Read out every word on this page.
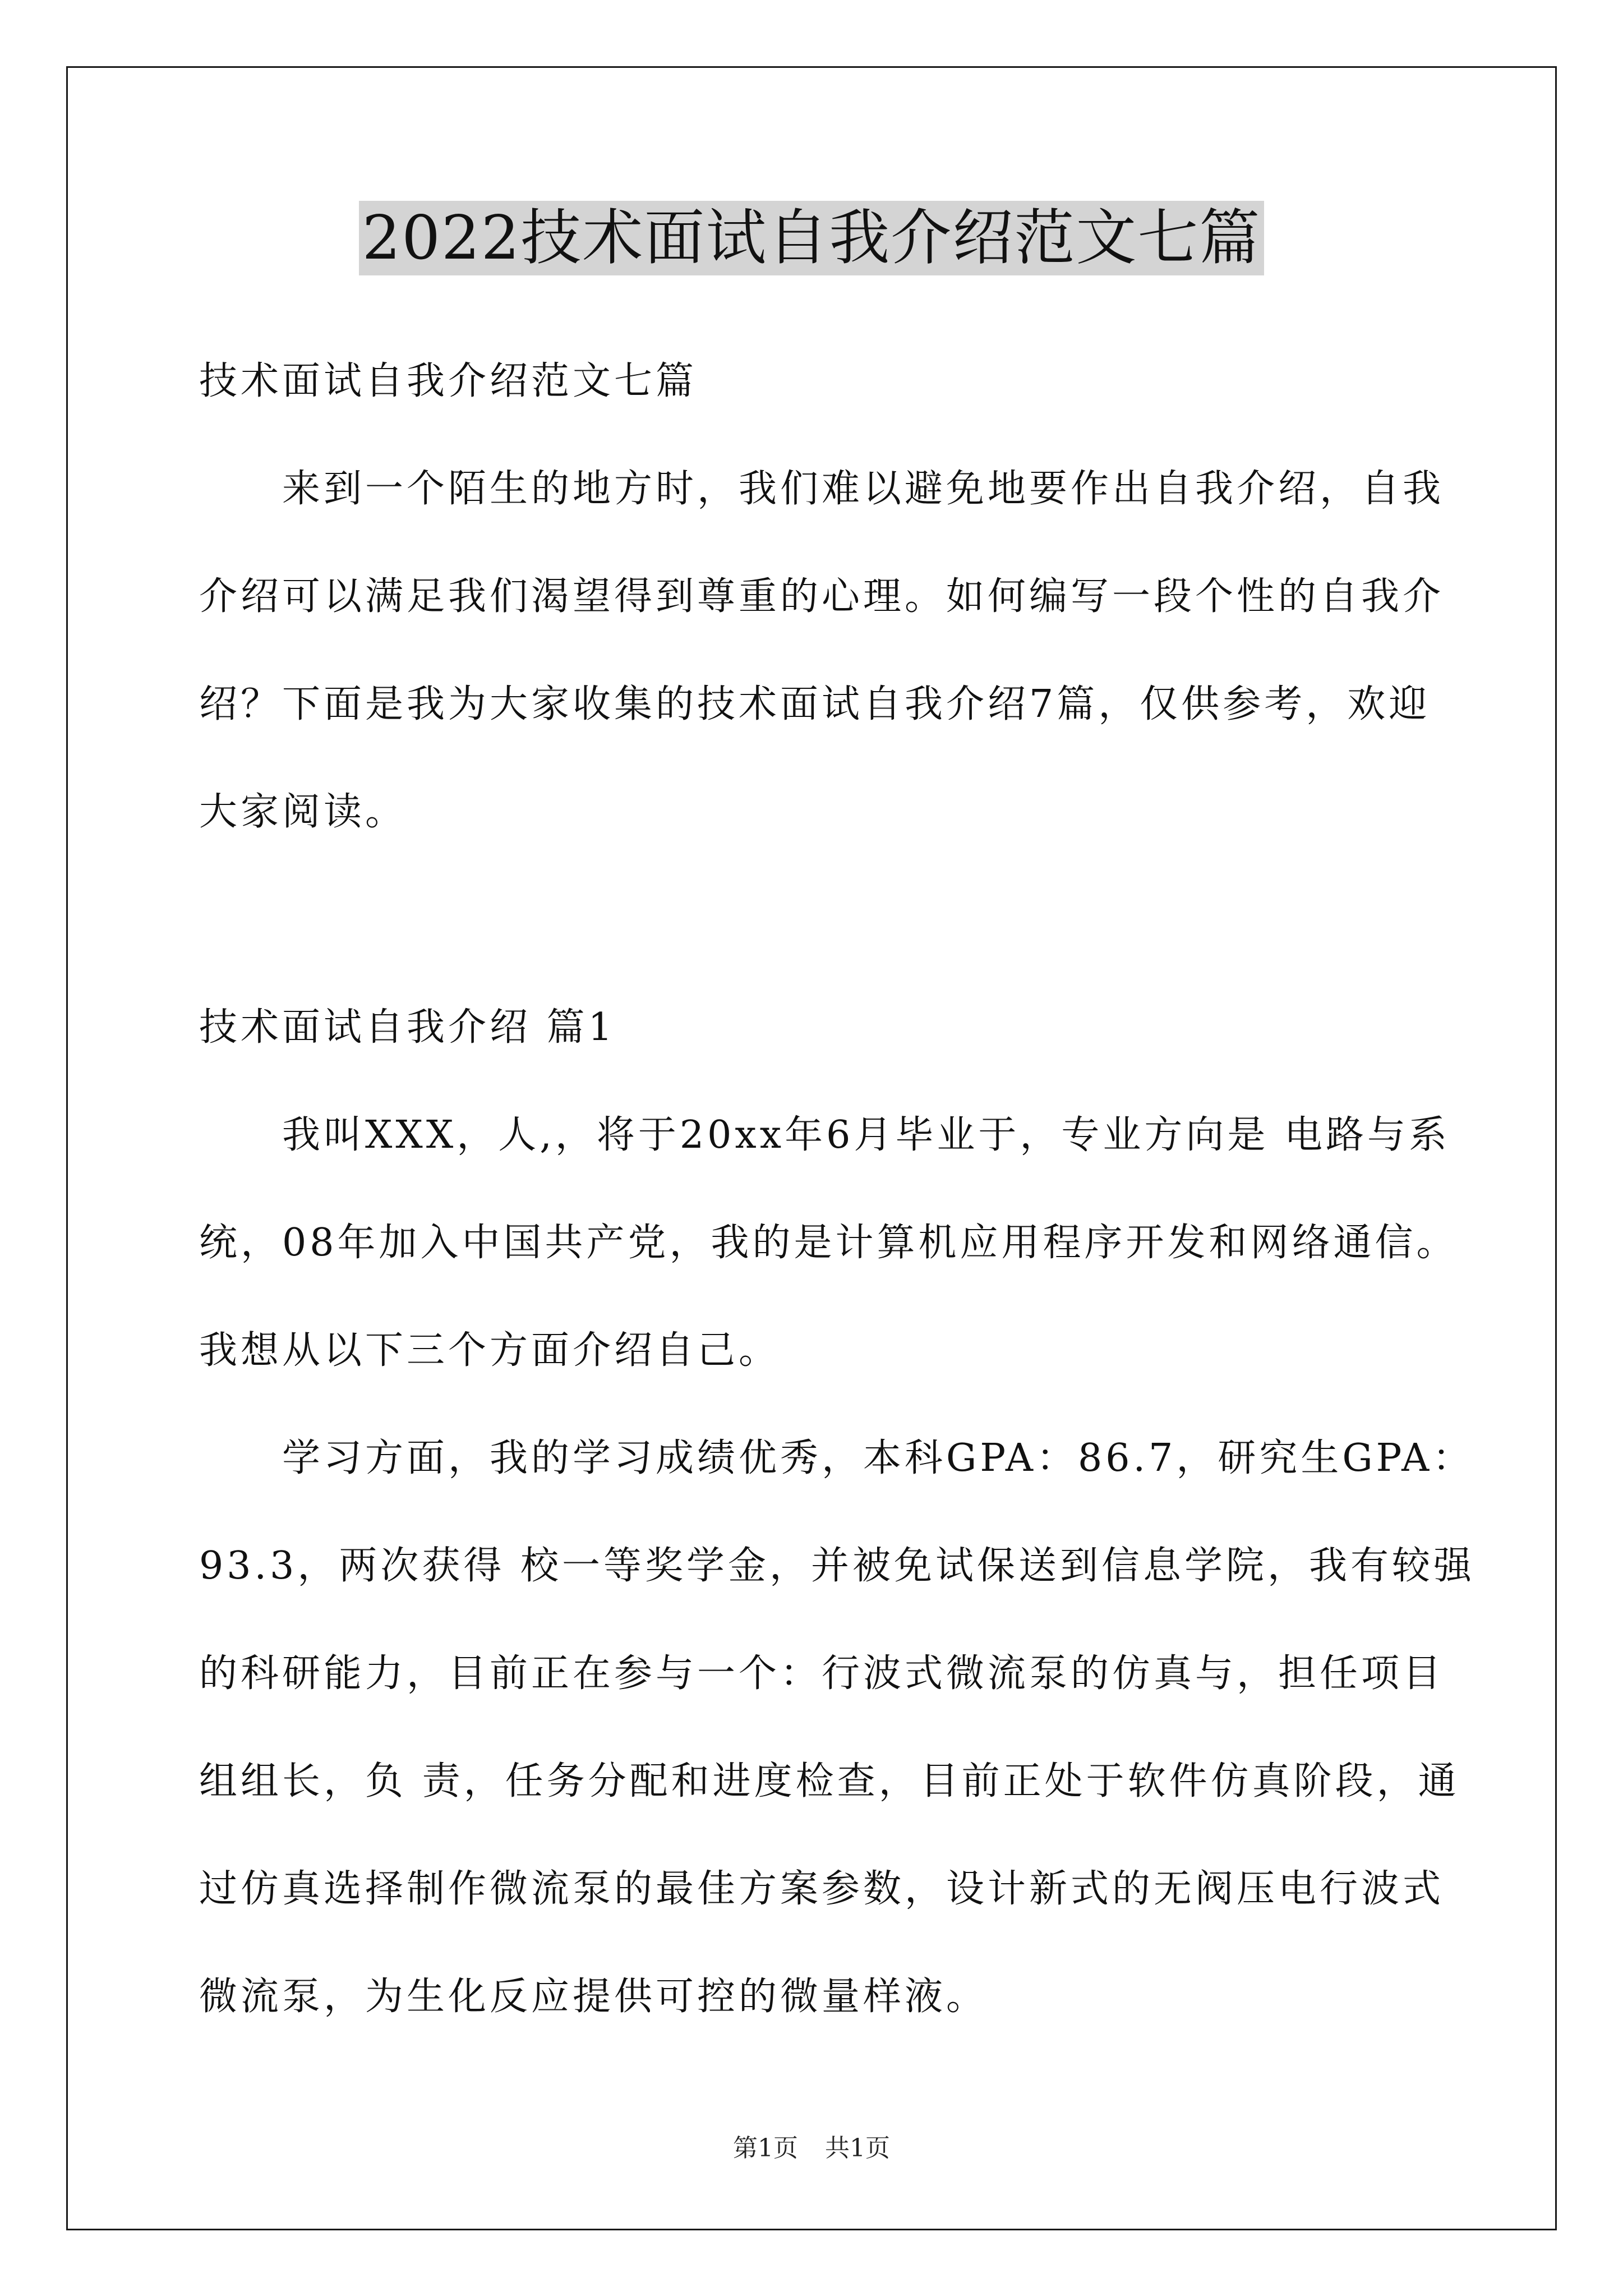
2022技术面试自我介绍范文七篇
技术面试自我介绍范文七篇
来到一个陌生的地方时，我们难以避免地要作出自我介绍，自我
介绍可以满足我们渴望得到尊重的心理。如何编写一段个性的自我介
绍？下面是我为大家收集的技术面试自我介绍7篇，仅供参考，欢迎
大家阅读。
技术面试自我介绍 篇1
我叫XXX，人,，将于20xx年6月毕业于，专业方向是 电路与系
统，08年加入中国共产党，我的是计算机应用程序开发和网络通信。
我想从以下三个方面介绍自己。
学习方面，我的学习成绩优秀，本科GPA：86.7，研究生GPA：
93.3，两次获得 校一等奖学金，并被免试保送到信息学院，我有较强
的科研能力，目前正在参与一个：行波式微流泵的仿真与，担任项目
组组长，负 责，任务分配和进度检查，目前正处于软件仿真阶段，通
过仿真选择制作微流泵的最佳方案参数，设计新式的无阀压电行波式
微流泵，为生化反应提供可控的微量样液。
第1页 共1页
